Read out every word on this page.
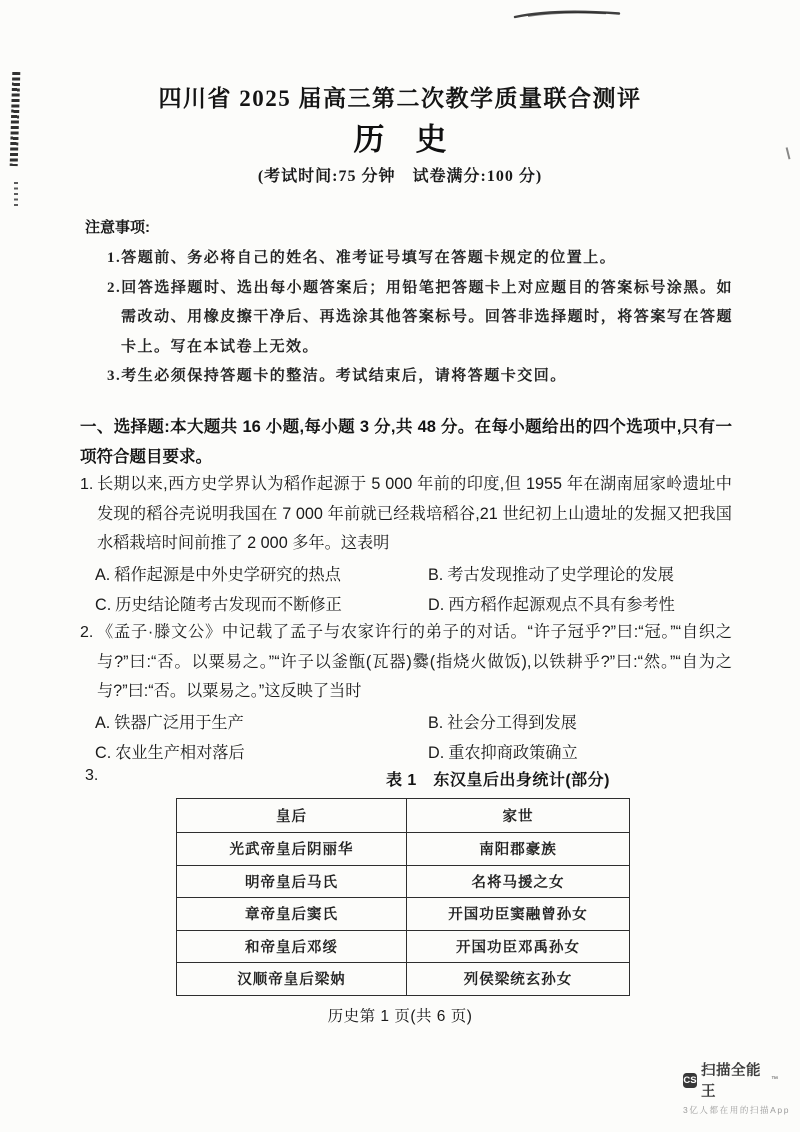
四川省 2025 届高三第二次教学质量联合测评
历　史
(考试时间:75 分钟　试卷满分:100 分)
注意事项:
1.答题前、务必将自己的姓名、准考证号填写在答题卡规定的位置上。
2.回答选择题时、选出每小题答案后；用铅笔把答题卡上对应题目的答案标号涂黑。如需改动、用橡皮擦干净后、再选涂其他答案标号。回答非选择题时，将答案写在答题卡上。写在本试卷上无效。
3.考生必须保持答题卡的整洁。考试结束后，请将答题卡交回。
一、选择题:本大题共 16 小题,每小题 3 分,共 48 分。在每小题给出的四个选项中,只有一项符合题目要求。
1. 长期以来,西方史学界认为稻作起源于 5 000 年前的印度,但 1955 年在湖南屈家岭遗址中发现的稻谷壳说明我国在 7 000 年前就已经栽培稻谷,21 世纪初上山遗址的发掘又把我国水稻栽培时间前推了 2 000 多年。这表明
A. 稻作起源是中外史学研究的热点	B. 考古发现推动了史学理论的发展
C. 历史结论随考古发现而不断修正	D. 西方稻作起源观点不具有参考性
2. 《孟子·滕文公》中记载了孟子与农家许行的弟子的对话。“许子冠乎?”曰:“冠。”“自织之与?”曰:“否。以粟易之。”“许子以釜甑(瓦器)爨(指烧火做饭),以铁耕乎?”曰:“然。”“自为之与?”曰:“否。以粟易之。”这反映了当时
A. 铁器广泛用于生产	B. 社会分工得到发展
C. 农业生产相对落后	D. 重农抑商政策确立
3.	表 1　东汉皇后出身统计(部分)
皇后	家世
光武帝皇后阴丽华	南阳郡豪族
明帝皇后马氏	名将马援之女
章帝皇后窦氏	开国功臣窦融曾孙女
和帝皇后邓绥	开国功臣邓禹孙女
汉顺帝皇后梁妠	列侯梁统玄孙女
历史第 1 页(共 6 页)
CS
扫描全能王
™
3亿人都在用的扫描App
